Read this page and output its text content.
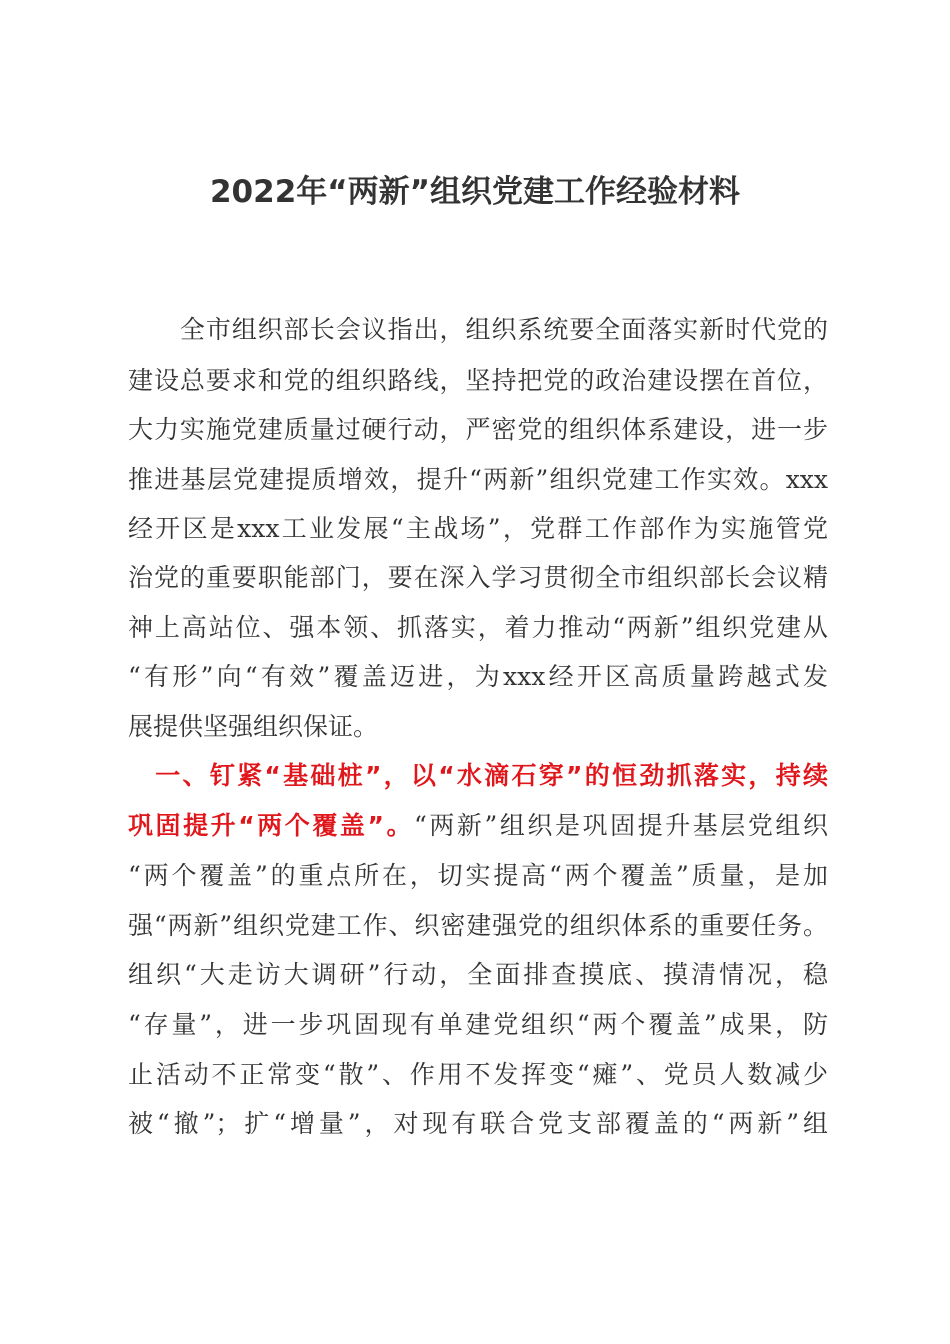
2022年“两新”组织党建工作经验材料
　　全市组织部长会议指出，组织系统要全面落实新时代党的
建设总要求和党的组织路线，坚持把党的政治建设摆在首位，
大力实施党建质量过硬行动，严密党的组织体系建设，进一步
推进基层党建提质增效，提升“两新”组织党建工作实效。xxx
经开区是xxx工业发展“主战场”，党群工作部作为实施管党
治党的重要职能部门，要在深入学习贯彻全市组织部长会议精
神上高站位、强本领、抓落实，着力推动“两新”组织党建从
“有形”向“有效”覆盖迈进，为xxx经开区高质量跨越式发
展提供坚强组织保证。
　一、钉紧“基础桩”，以“水滴石穿”的恒劲抓落实，持续
巩固提升“两个覆盖”。“两新”组织是巩固提升基层党组织
“两个覆盖”的重点所在，切实提高“两个覆盖”质量，是加
强“两新”组织党建工作、织密建强党的组织体系的重要任务。
组织“大走访大调研”行动，全面排查摸底、摸清情况，稳
“存量”，进一步巩固现有单建党组织“两个覆盖”成果，防
止活动不正常变“散”、作用不发挥变“瘫”、党员人数减少
被“撤”；扩“增量”，对现有联合党支部覆盖的“两新”组
